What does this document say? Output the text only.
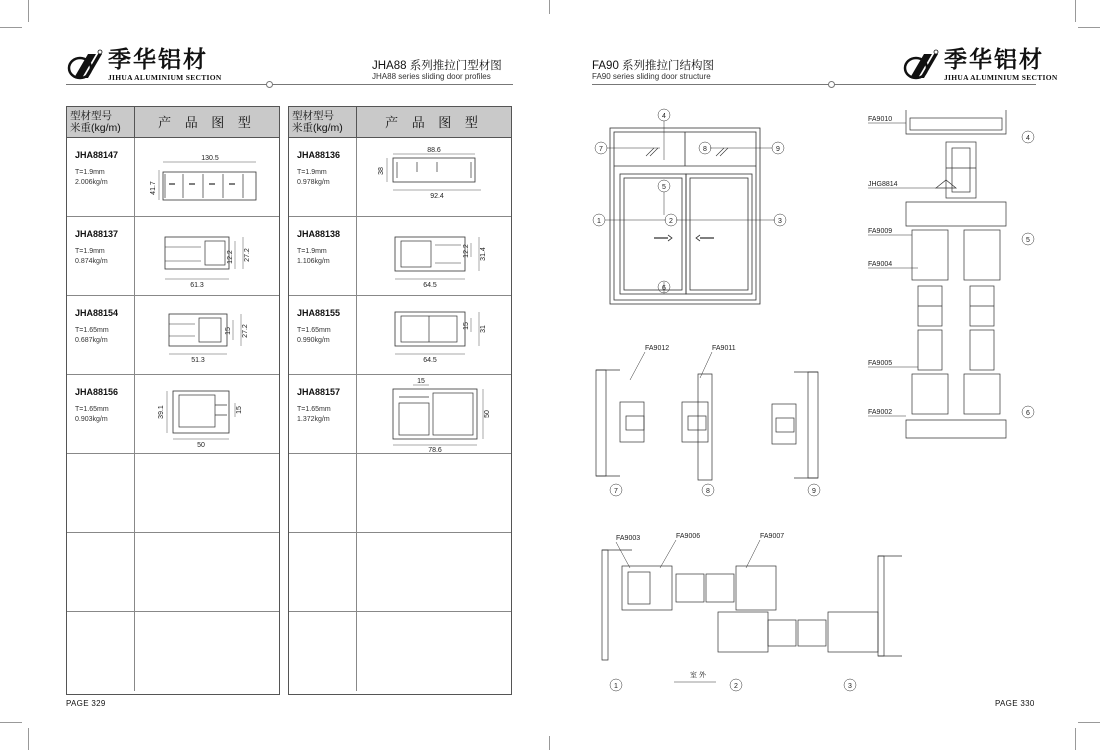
季华铝材
JIHUA ALUMINIUM SECTION
JHA88 系列推拉门型材图
JHA88 series sliding door profiles
FA90 系列推拉门结构图
FA90 series sliding door structure
季华铝材
JIHUA ALUMINIUM SECTION
型材型号
米重(kg/m)	产 品 图 型
JHA88147
T=1.9mm
2.006kg/m
130.5
41.7
JHA88137
T=1.9mm
0.874kg/m
61.3
12.2 27.2
JHA88154
T=1.65mm
0.687kg/m
51.3
15 27.2
JHA88156
T=1.65mm
0.903kg/m
50
39.1	15
型材型号
米重(kg/m)	产 品 图 型
JHA88136
T=1.9mm
0.978kg/m
88.6
38
92.4
JHA88138
T=1.9mm
1.106kg/m
64.5
12.2 31.4
JHA88155
T=1.65mm
0.990kg/m
64.5
15 31
JHA88157
T=1.65mm
1.372kg/m
15
50
78.6
PAGE 329	PAGE 330
7
4
8	9
5
1	2	3
6
FA9010
JHG8814
FA9009
FA9004
FA9005
FA9002
4
5
6
FA9012	FA9011
7	8	9
FA9003	FA9006	FA9007
室 外
1	2	3
